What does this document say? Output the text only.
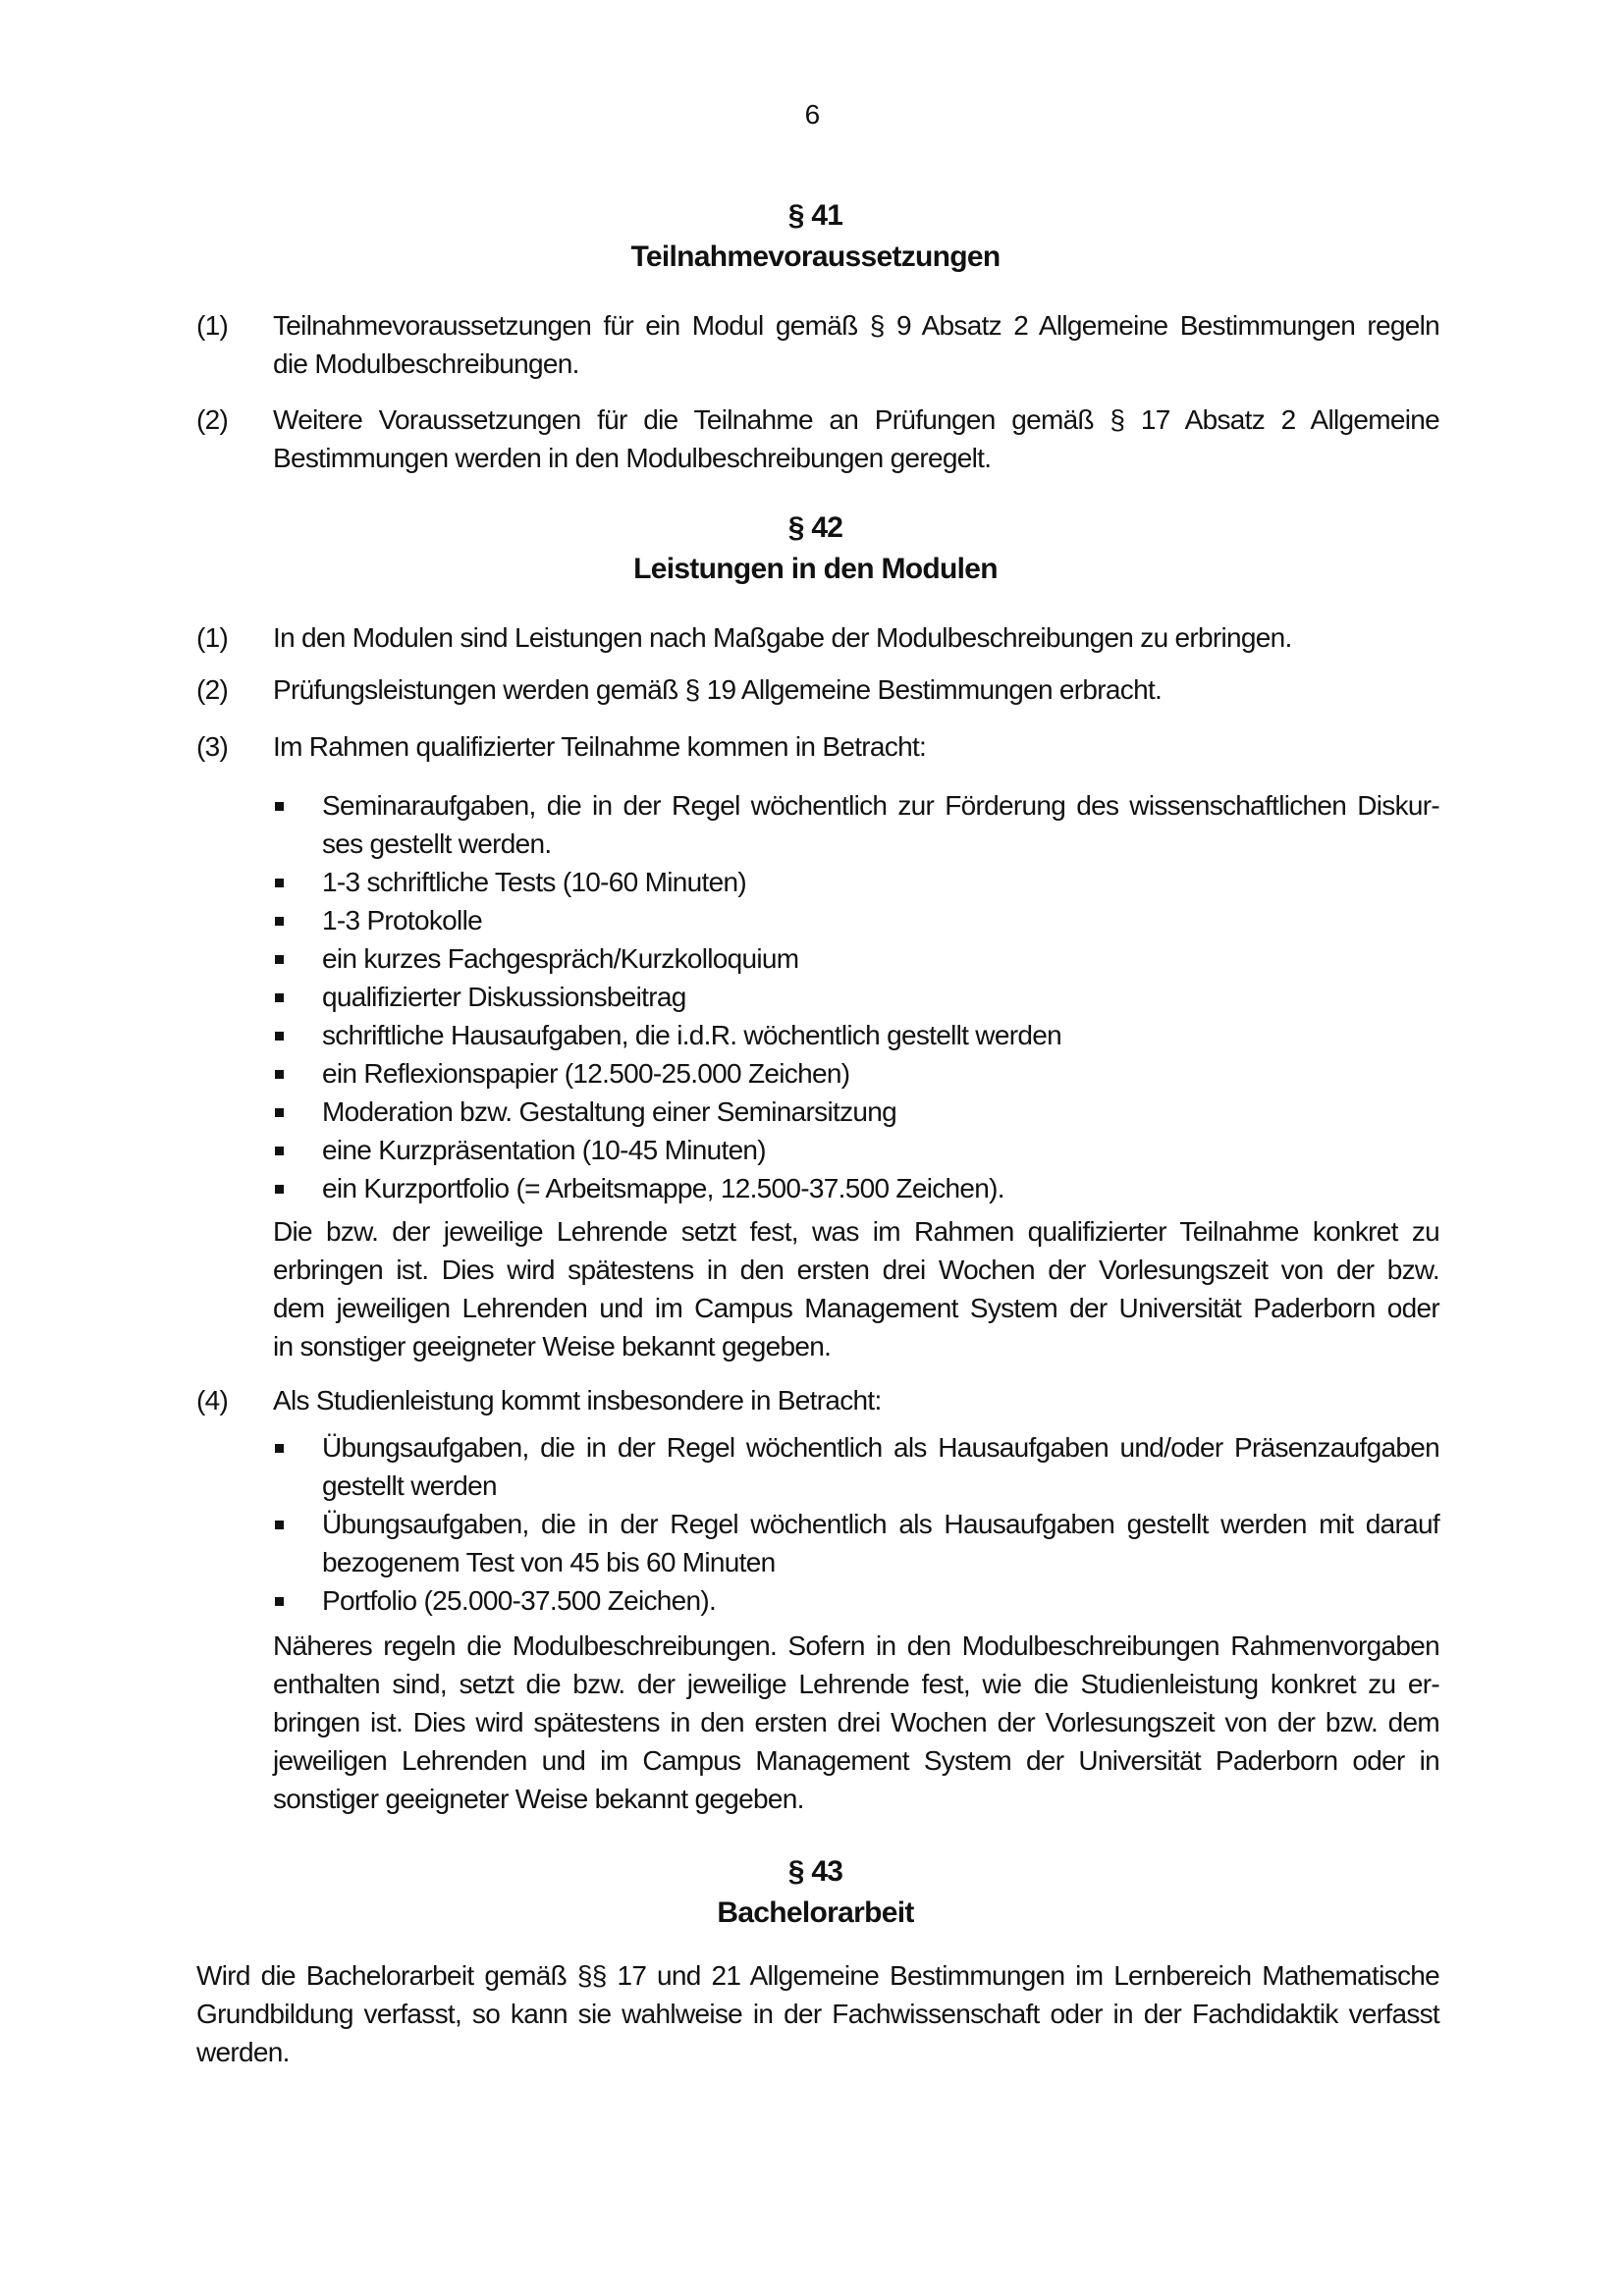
6
§ 41
Teilnahmevoraussetzungen
(1)	Teilnahmevoraussetzungen für ein Modul gemäß § 9 Absatz 2 Allgemeine Bestimmungen regeln
die Modulbeschreibungen.
(2)	Weitere Voraussetzungen für die Teilnahme an Prüfungen gemäß § 17 Absatz 2 Allgemeine
Bestimmungen werden in den Modulbeschreibungen geregelt.
§ 42
Leistungen in den Modulen
(1)	In den Modulen sind Leistungen nach Maßgabe der Modulbeschreibungen zu erbringen.
(2)	Prüfungsleistungen werden gemäß § 19 Allgemeine Bestimmungen erbracht.
(3)	Im Rahmen qualifizierter Teilnahme kommen in Betracht:
Seminaraufgaben, die in der Regel wöchentlich zur Förderung des wissenschaftlichen Diskur-
ses gestellt werden.
1-3 schriftliche Tests (10-60 Minuten)
1-3 Protokolle
ein kurzes Fachgespräch/Kurzkolloquium
qualifizierter Diskussionsbeitrag
schriftliche Hausaufgaben, die i.d.R. wöchentlich gestellt werden
ein Reflexionspapier (12.500-25.000 Zeichen)
Moderation bzw. Gestaltung einer Seminarsitzung
eine Kurzpräsentation (10-45 Minuten)
ein Kurzportfolio (= Arbeitsmappe, 12.500-37.500 Zeichen).
Die bzw. der jeweilige Lehrende setzt fest, was im Rahmen qualifizierter Teilnahme konkret zu
erbringen ist. Dies wird spätestens in den ersten drei Wochen der Vorlesungszeit von der bzw.
dem jeweiligen Lehrenden und im Campus Management System der Universität Paderborn oder
in sonstiger geeigneter Weise bekannt gegeben.
(4)	Als Studienleistung kommt insbesondere in Betracht:
Übungsaufgaben, die in der Regel wöchentlich als Hausaufgaben und/oder Präsenzaufgaben
gestellt werden
Übungsaufgaben, die in der Regel wöchentlich als Hausaufgaben gestellt werden mit darauf
bezogenem Test von 45 bis 60 Minuten
Portfolio (25.000-37.500 Zeichen).
Näheres regeln die Modulbeschreibungen. Sofern in den Modulbeschreibungen Rahmenvorgaben
enthalten sind, setzt die bzw. der jeweilige Lehrende fest, wie die Studienleistung konkret zu er-
bringen ist. Dies wird spätestens in den ersten drei Wochen der Vorlesungszeit von der bzw. dem
jeweiligen Lehrenden und im Campus Management System der Universität Paderborn oder in
sonstiger geeigneter Weise bekannt gegeben.
§ 43
Bachelorarbeit
Wird die Bachelorarbeit gemäß §§ 17 und 21 Allgemeine Bestimmungen im Lernbereich Mathematische
Grundbildung verfasst, so kann sie wahlweise in der Fachwissenschaft oder in der Fachdidaktik verfasst
werden.
